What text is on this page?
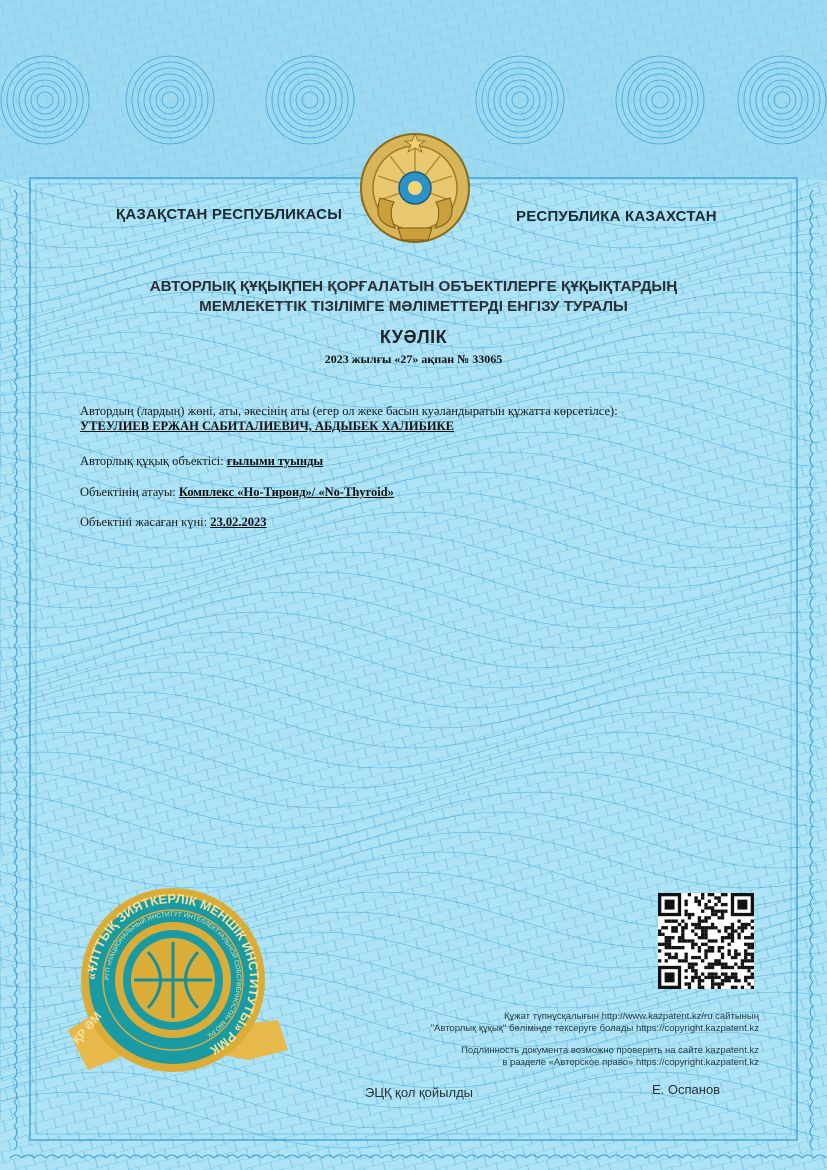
ҚАЗАҚСТАН РЕСПУБЛИКАСЫ	РЕСПУБЛИКА КАЗАХСТАН
АВТОРЛЫҚ ҚҰҚЫҚПЕН ҚОРҒАЛАТЫН ОБЪЕКТІЛЕРГЕ ҚҰҚЫҚТАРДЫҢ
МЕМЛЕКЕТТІК ТІЗІЛІМГЕ МӘЛІМЕТТЕРДІ ЕНГІЗУ ТУРАЛЫ
КУӘЛІК
2023 жылғы «27» ақпан № 33065
Автордың (лардың) жөні, аты, әкесінің аты (егер ол жеке басын куәландыратын құжатта көрсетілсе):
УТЕУЛИЕВ ЕРЖАН САБИТАЛИЕВИЧ, АБДЫБЕК ХАЛИБИКЕ
Авторлық құқық объектісі: ғылыми туынды
Объектінің атауы: Комплекс «Но-Тироид»/ «No-Thyroid»
Объектіні жасаған күні: 23.02.2023
«ҰЛТТЫҚ ЗИЯТКЕРЛІК МЕНШІК ИНСТИТУТЫ» РМК
РГП «НАЦИОНАЛЬНЫЙ ИНСТИТУТ ИНТЕЛЛЕКТУАЛЬНОЙ СОБСТВЕННОСТИ» МЮ РК
ҚР ӘМ	Құжат түпнұсқалығын http://www.kazpatent.kz/ru сайтының
"Авторлық құқық" бөлімінде тексеруге болады https://copyright.kazpatent.kz
Подлинность документа возможно проверить на сайте kazpatent.kz
в разделе «Авторское право» https://copyright.kazpatent.kz
ЭЦҚ қол қойылды	Е. Оспанов
